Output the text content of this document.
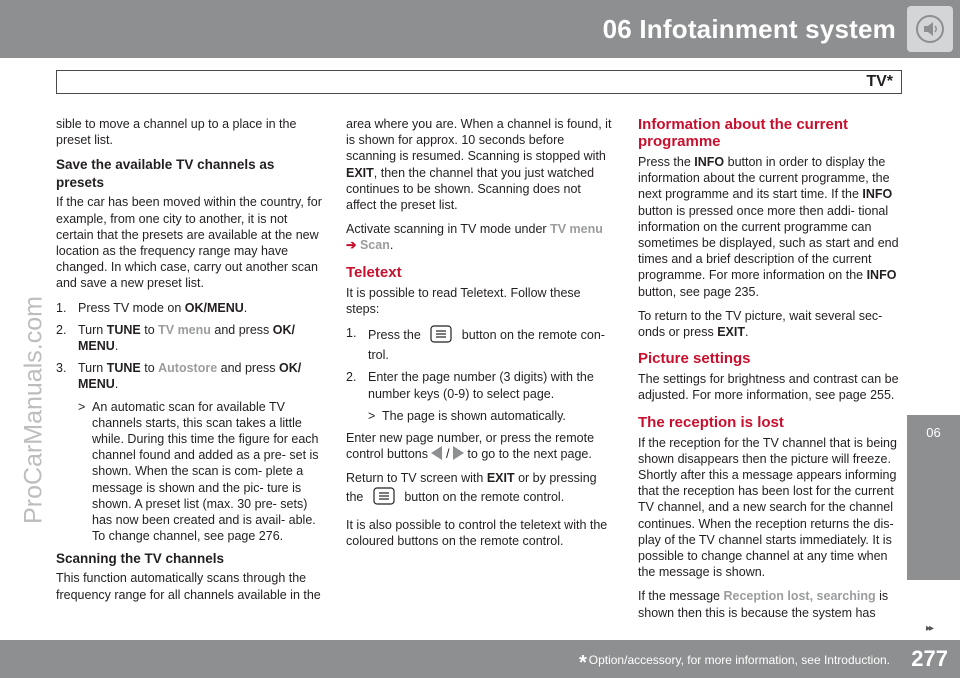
06 Infotainment system
TV*
06
ProCarManuals.com

sible to move a channel up to a place in the preset list.

Save the available TV channels as presets

If the car has been moved within the country, for example, from one city to another, it is not certain that the presets are available at the new location as the frequency range may have changed. In which case, carry out another scan and save a new preset list.

1. Press TV mode on OK/MENU.
2. Turn TUNE to TV menu and press OK/ MENU.
3. Turn TUNE to Autostore and press OK/ MENU.
> An automatic scan for available TV channels starts, this scan takes a little while. During this time the figure for each channel found and added as a pre- set is shown. When the scan is com- plete a message is shown and the pic- ture is shown. A preset list (max. 30 pre- sets) has now been created and is avail- able. To change channel, see page 276.
Scanning the TV channels

This function automatically scans through the frequency range for all channels available in the

area where you are. When a channel is found, it is shown for approx. 10 seconds before scanning is resumed. Scanning is stopped with EXIT, then the channel that you just watched continues to be shown. Scanning does not affect the preset list.

Activate scanning in TV mode under TV menu
➔ Scan.

Teletext

It is possible to read Teletext. Follow these steps:

1. Press the	button on the remote con- trol.
2. Enter the page number (3 digits) with the number keys (0-9) to select page.
> The page is shown automatically.

Enter new page number, or press the remote control buttons / to go to the next page.

Return to TV screen with EXIT or by pressing the	button on the remote control.

It is also possible to control the teletext with the coloured buttons on the remote control.

Information about the current programme

Press the INFO button in order to display the information about the current programme, the next programme and its start time. If the INFO button is pressed once more then addi- tional information on the current programme can sometimes be displayed, such as start and end times and a brief description of the current programme. For more information on the INFO button, see page 235.

To return to the TV picture, wait several sec- onds or press EXIT.

Picture settings

The settings for brightness and contrast can be adjusted. For more information, see page 255.

The reception is lost

If the reception for the TV channel that is being shown disappears then the picture will freeze. Shortly after this a message appears informing that the reception has been lost for the current TV channel, and a new search for the channel continues. When the reception returns the dis- play of the TV channel starts immediately. It is possible to change channel at any time when the message is shown.

If the message Reception lost, searching is shown then this is because the system has

▸▸
* Option/accessory, for more information, see Introduction. 277
